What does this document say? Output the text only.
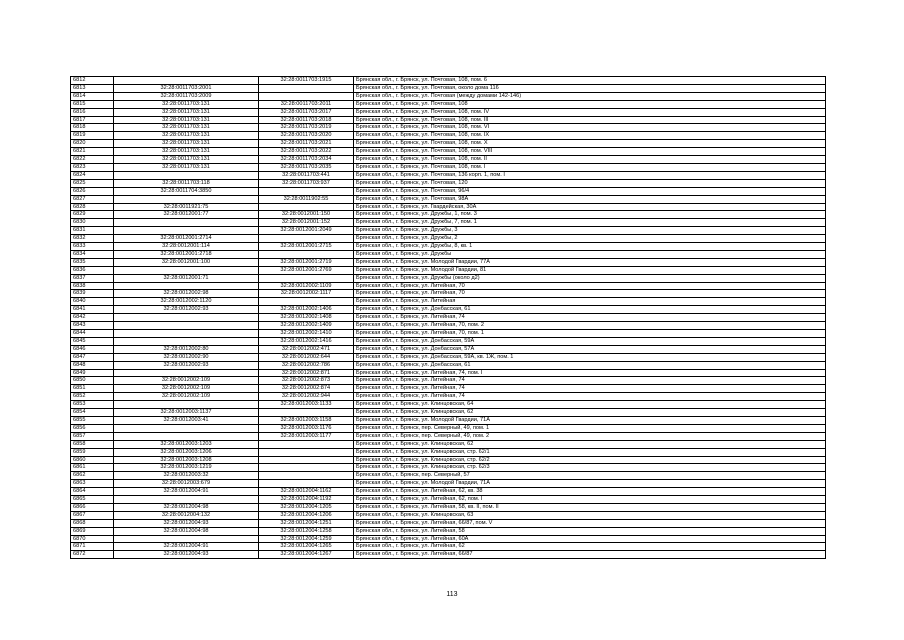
6812		32:28:0011703:1915	Брянская обл., г. Брянск, ул. Почтовая, 108, пом. 6
6813	32:28:0011703:2001		Брянская обл., г. Брянск, ул. Почтовая, около дома 116
6814	32:28:0011703:2009		Брянская обл., г. Брянск, ул. Почтовая (между домами 142-146)
6815	32:28:0011703:131	32:28:0011703:2011	Брянская обл., г. Брянск, ул. Почтовая, 108
6816	32:28:0011703:131	32:28:0011703:2017	Брянская обл., г. Брянск, ул. Почтовая, 108, пом. IV
6817	32:28:0011703:131	32:28:0011703:2018	Брянская обл., г. Брянск, ул. Почтовая, 108, пом. III
6818	32:28:0011703:131	32:28:0011703:2019	Брянская обл., г. Брянск, ул. Почтовая, 108, пом. VI
6819	32:28:0011703:131	32:28:0011703:2020	Брянская обл., г. Брянск, ул. Почтовая, 108, пом. IX
6820	32:28:0011703:131	32:28:0011703:2021	Брянская обл., г. Брянск, ул. Почтовая, 108, пом. X
6821	32:28:0011703:131	32:28:0011703:2022	Брянская обл., г. Брянск, ул. Почтовая, 108, пом. VIII
6822	32:28:0011703:131	32:28:0011703:2034	Брянская обл., г. Брянск, ул. Почтовая, 108, пом. II
6823	32:28:0011703:131	32:28:0011703:2035	Брянская обл., г. Брянск, ул. Почтовая, 108, пом. I
6824		32:28:0011703:441	Брянская обл., г. Брянск, ул. Почтовая, 136 корп. 1, пом. I
6825	32:28:0011703:118	32:28:0011703:937	Брянская обл., г. Брянск, ул. Почтовая, 120
6826	32:28:0011704:3850		Брянская обл., г. Брянск, ул. Почтовая, 96/4
6827		32:28:0011902:55	Брянская обл., г. Брянск, ул. Почтовая, 98А
6828	32:28:0011921:75		Брянская обл., г. Брянск, ул. Гвардейская, 30А
6829	32:28:0012001:77	32:28:0012001:150	Брянская обл., г. Брянск, ул. Дружбы, 1, пом. 3
6830		32:28:0012001:152	Брянская обл., г. Брянск, ул. Дружбы, 7, пом. 1
6831		32:28:0012001:2049	Брянская обл., г. Брянск, ул. Дружбы, 3
6832	32:28:0012001:2714		Брянская обл., г. Брянск, ул. Дружбы, 2
6833	32:28:0012001:114	32:28:0012001:2715	Брянская обл., г. Брянск, ул. Дружбы, 8, кв. 1
6834	32:28:0012001:2718		Брянская обл., г. Брянск, ул. Дружбы
6835	32:28:0012001:100	32:28:0012001:2719	Брянская обл., г. Брянск, ул. Молодой Гвардии, 77А
6836		32:28:0012001:2769	Брянская обл., г. Брянск, ул. Молодой Гвардии, 81
6837	32:28:0012001:71		Брянская обл., г. Брянск, ул. Дружбы (около д2)
6838		32:28:0012002:1109	Брянская обл., г. Брянск, ул. Литейная, 70
6839	32:28:0012002:98	32:28:0012002:1117	Брянская обл., г. Брянск, ул. Литейная, 70
6840	32:28:0012002:1120		Брянская обл., г. Брянск, ул. Литейная
6841	32:28:0012002:93	32:28:0012002:1406	Брянская обл., г. Брянск, ул. Донбасская, 61
6842		32:28:0012002:1408	Брянская обл., г. Брянск, ул. Литейная, 74
6843		32:28:0012002:1409	Брянская обл., г. Брянск, ул. Литейная, 70, пом. 2
6844		32:28:0012002:1410	Брянская обл., г. Брянск, ул. Литейная, 70, пом. 1
6845		32:28:0012002:1416	Брянская обл., г. Брянск, ул. Донбасская, 59А
6846	32:28:0012002:80	32:28:0012002:471	Брянская обл., г. Брянск, ул. Донбасская, 57А
6847	32:28:0012002:90	32:28:0012002:644	Брянская обл., г. Брянск, ул. Донбасская, 59А, кв. 1Ж, пом. 1
6848	32:28:0012002:93	32:28:0012002:786	Брянская обл., г. Брянск, ул. Донбасская, 61
6849		32:28:0012002:871	Брянская обл., г. Брянск, ул. Литейная, 74, пом. I
6850	32:28:0012002:109	32:28:0012002:873	Брянская обл., г. Брянск, ул. Литейная, 74
6851	32:28:0012002:109	32:28:0012002:874	Брянская обл., г. Брянск, ул. Литейная, 74
6852	32:28:0012002:109	32:28:0012002:944	Брянская обл., г. Брянск, ул. Литейная, 74
6853		32:28:0012003:1133	Брянская обл., г. Брянск, ул. Клинцовская, 64
6854	32:28:0012003:1137		Брянская обл., г. Брянск, ул. Клинцовская, 62
6855	32:28:0012003:41	32:28:0012003:1158	Брянская обл., г. Брянск, ул. Молодой Гвардии, 71А
6856		32:28:0012003:1176	Брянская обл., г. Брянск, пер. Северный, 49, пом. 1
6857		32:28:0012003:1177	Брянская обл., г. Брянск, пер. Северный, 49, пом. 2
6858	32:28:0012003:1203		Брянская обл., г. Брянск, ул. Клинцовская, 62
6859	32:28:0012003:1206		Брянская обл., г. Брянск, ул. Клинцовская, стр. 62/1
6860	32:28:0012003:1208		Брянская обл., г. Брянск, ул. Клинцовская, стр. 62/2
6861	32:28:0012003:1219		Брянская обл., г. Брянск, ул. Клинцовская, стр. 62/3
6862	32:28:0012003:32		Брянская обл., г. Брянск, пер. Северный, 57
6863	32:28:0012003:679		Брянская обл., г. Брянск, ул. Молодой Гвардии, 71А
6864	32:28:0012004:91	32:28:0012004:1162	Брянская обл., г. Брянск, ул. Литейная, 62, кв. 38
6865		32:28:0012004:1192	Брянская обл., г. Брянск, ул. Литейная, 62, пом. I
6866	32:28:0012004:98	32:28:0012004:1205	Брянская обл., г. Брянск, ул. Литейная, 58, кв. II, пом. II
6867	32:28:0012004:132	32:28:0012004:1206	Брянская обл., г. Брянск, ул. Клинцовская, 63
6868	32:28:0012004:93	32:28:0012004:1251	Брянская обл., г. Брянск, ул. Литейная, 66/87, пом. V
6869	32:28:0012004:98	32:28:0012004:1258	Брянская обл., г. Брянск, ул. Литейная, 58
6870		32:28:0012004:1259	Брянская обл., г. Брянск, ул. Литейная, 60А
6871	32:28:0012004:91	32:28:0012004:1265	Брянская обл., г. Брянск, ул. Литейная, 62
6872	32:28:0012004:93	32:28:0012004:1267	Брянская обл., г. Брянск, ул. Литейная, 66/87
113
